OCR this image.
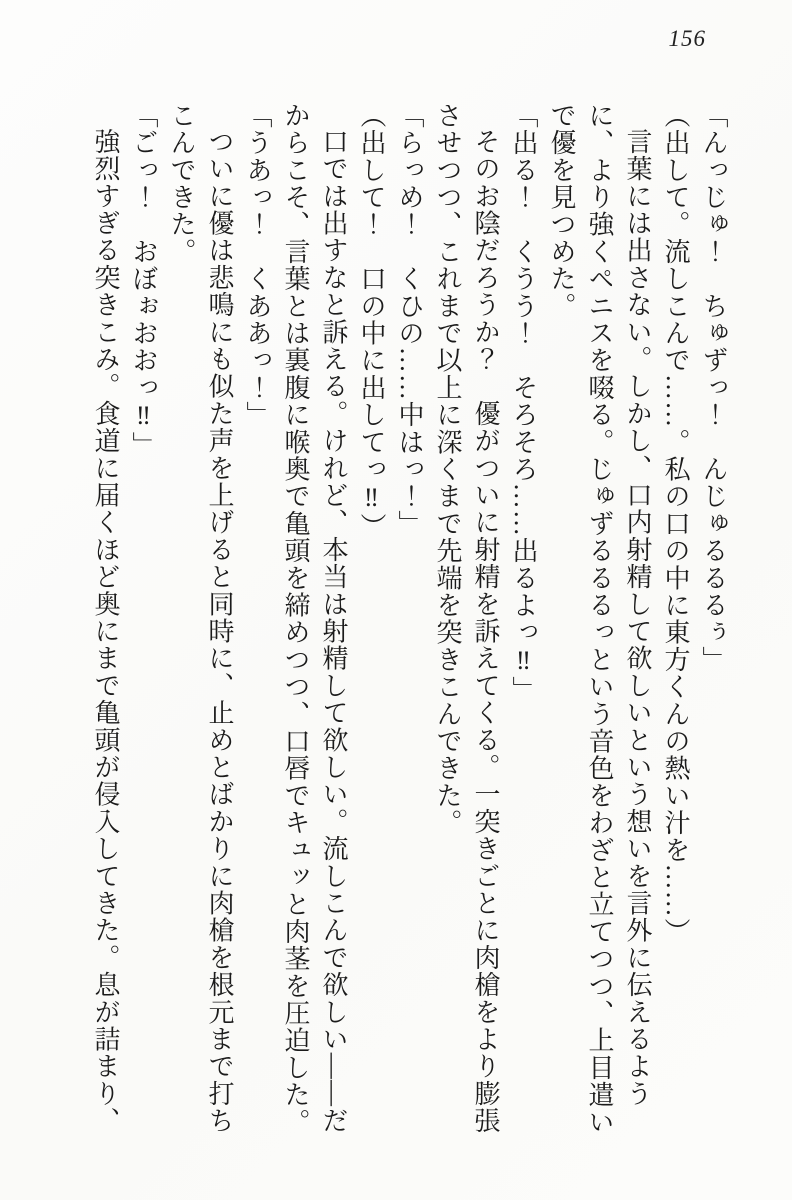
156

「んっじゅ！　ちゅずっ！　んじゅるるるぅ」

（出して。流しこんで……。私の口の中に東方くんの熱い汁を……）

言葉には出さない。しかし、口内射精して欲しいという想いを言外に伝えるように、より強くペニスを啜る。じゅずるるるっという音色をわざと立てつつ、上目遣いで優を見つめた。

「出る！　くうう！　そろそろ……出るよっ‼」

そのお陰だろうか？　優がついに射精を訴えてくる。一突きごとに肉槍をより膨張させつつ、これまで以上に深くまで先端を突きこんできた。

「らっめ！　くひの……中はっ！」

（出して！　口の中に出してっ‼）

口では出すなと訴える。けれど、本当は射精して欲しい。流しこんで欲しい――だからこそ、言葉とは裏腹に喉奥で亀頭を締めつつ、口唇でキュッと肉茎を圧迫した。

「うあっ！　くああっ！」

ついに優は悲鳴にも似た声を上げると同時に、止めとばかりに肉槍を根元まで打ちこんできた。

「ごっ！　おぼぉおおっ‼」

強烈すぎる突きこみ。食道に届くほど奥にまで亀頭が侵入してきた。息が詰まり、
